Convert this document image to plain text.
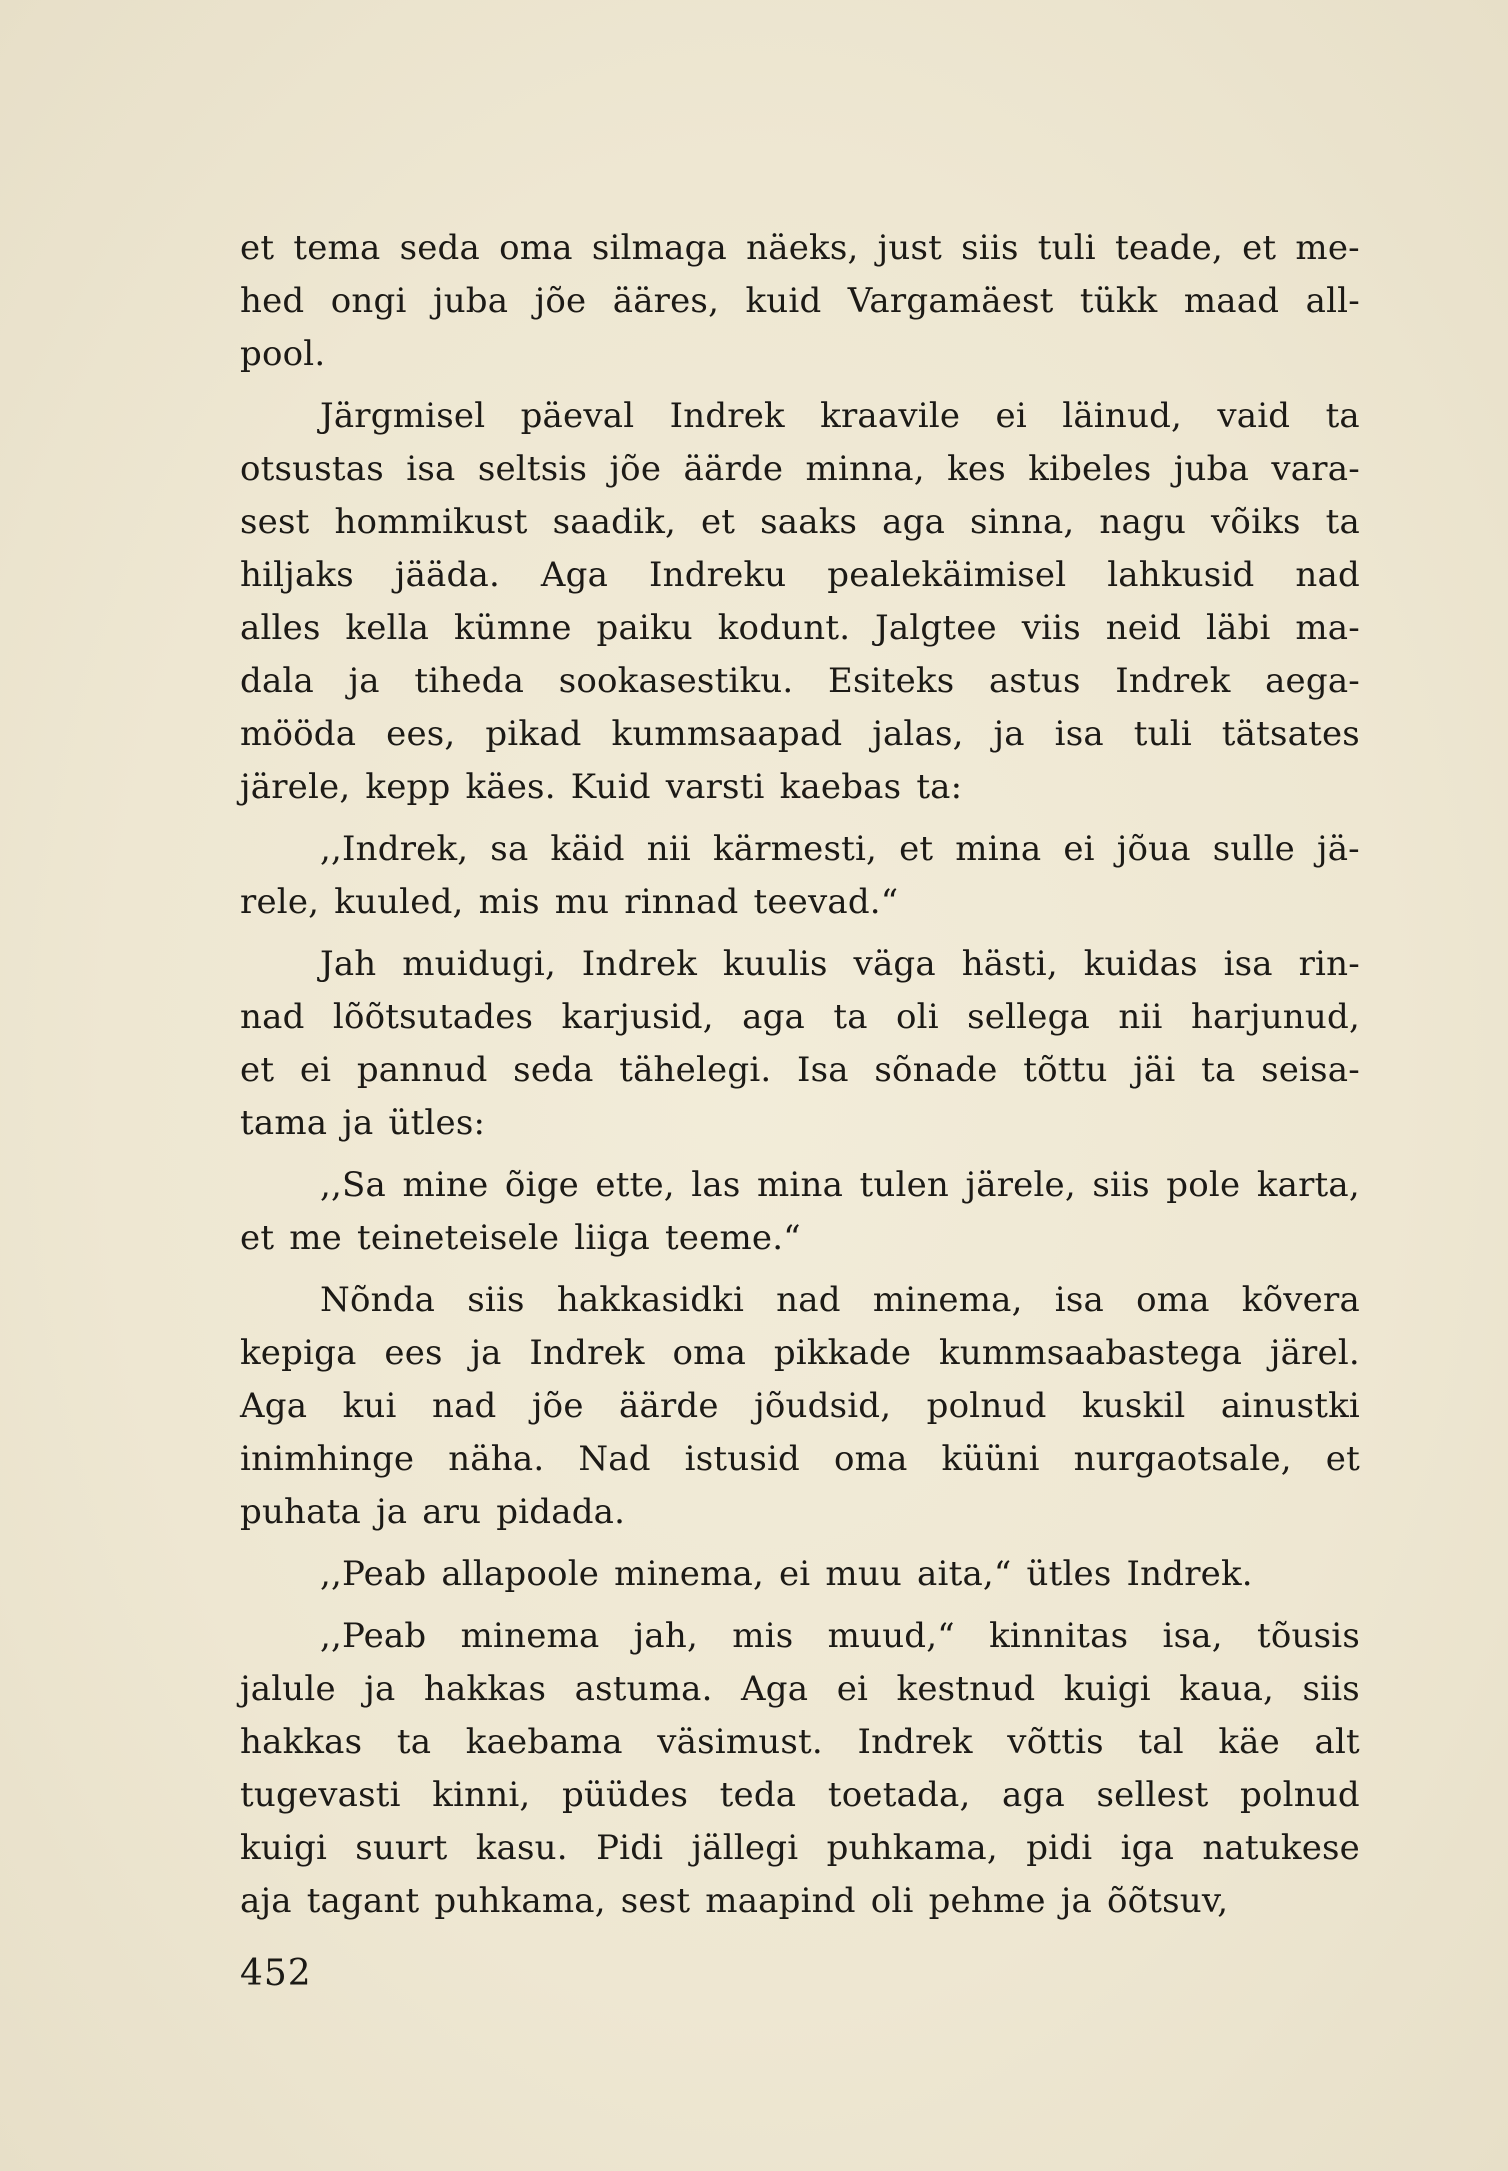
et tema seda oma silmaga näeks, just siis tuli teade, et me-
hed ongi juba jõe ääres, kuid Vargamäest tükk maad all-
pool.
Järgmisel päeval Indrek kraavile ei läinud, vaid ta
otsustas isa seltsis jõe äärde minna, kes kibeles juba vara-
sest hommikust saadik, et saaks aga sinna, nagu võiks ta
hiljaks jääda. Aga Indreku pealekäimisel lahkusid nad
alles kella kümne paiku kodunt. Jalgtee viis neid läbi ma-
dala ja tiheda sookasestiku. Esiteks astus Indrek aega-
möödа ees, pikad kummsaapad jalas, ja isa tuli tätsates
järele, kepp käes. Kuid varsti kaebas ta:
,,Indrek, sa käid nii kärmesti, et mina ei jõua sulle jä-
rele, kuuled, mis mu rinnad teevad.“
Jah muidugi, Indrek kuulis väga hästi, kuidas isa rin-
nad lõõtsutades karjusid, aga ta oli sellega nii harjunud,
et ei pannud seda tähelegi. Isa sõnade tõttu jäi ta seisa-
tama ja ütles:
,,Sa mine õige ette, las mina tulen järele, siis pole karta,
et me teineteisele liiga teeme.“
Nõnda siis hakkasidki nad minema, isa oma kõvera
kepiga ees ja Indrek oma pikkade kummsaabastega järel.
Aga kui nad jõe äärde jõudsid, polnud kuskil ainustki
inimhinge näha. Nad istusid oma küüni nurgaotsale, et
puhata ja aru pidada.
,,Peab allapoole minema, ei muu aita,“ ütles Indrek.
,,Peab minema jah, mis muud,“ kinnitas isa, tõusis
jalule ja hakkas astuma. Aga ei kestnud kuigi kaua, siis
hakkas ta kaebama väsimust. Indrek võttis tal käe alt
tugevasti kinni, püüdes teda toetada, aga sellest polnud
kuigi suurt kasu. Pidi jällegi puhkama, pidi iga natukese
aja tagant puhkama, sest maapind oli pehme ja õõtsuv,
452
